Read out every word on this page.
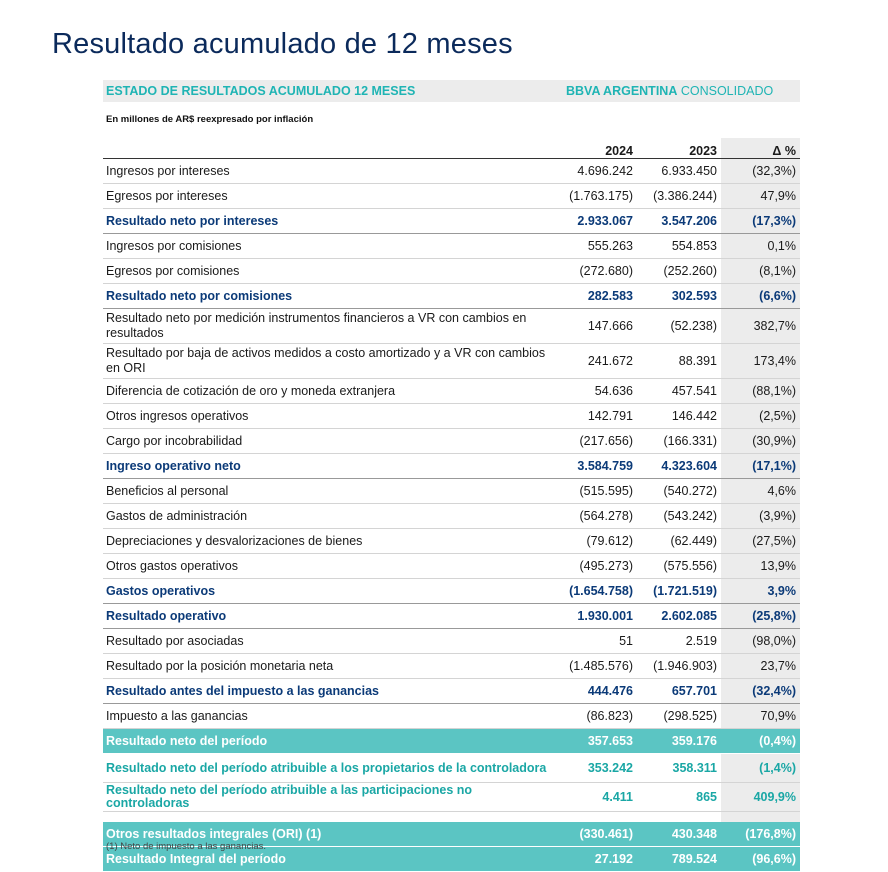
Resultado acumulado de 12 meses
ESTADO DE RESULTADOS ACUMULADO 12 MESES	BBVA ARGENTINA CONSOLIDADO
En millones de AR$ reexpresado por inflación
	2024	2023	Δ %
Ingresos por intereses	4.696.242	6.933.450	(32,3%)
Egresos por intereses	(1.763.175)	(3.386.244)	47,9%
Resultado neto por intereses	2.933.067	3.547.206	(17,3%)
Ingresos por comisiones	555.263	554.853	0,1%
Egresos por comisiones	(272.680)	(252.260)	(8,1%)
Resultado neto por comisiones	282.583	302.593	(6,6%)
Resultado neto por medición instrumentos financieros a VR con cambios en resultados	147.666	(52.238)	382,7%
Resultado por baja de activos medidos a costo amortizado y a VR con cambios en ORI	241.672	88.391	173,4%
Diferencia de cotización de oro y moneda extranjera	54.636	457.541	(88,1%)
Otros ingresos operativos	142.791	146.442	(2,5%)
Cargo por incobrabilidad	(217.656)	(166.331)	(30,9%)
Ingreso operativo neto	3.584.759	4.323.604	(17,1%)
Beneficios al personal	(515.595)	(540.272)	4,6%
Gastos de administración	(564.278)	(543.242)	(3,9%)
Depreciaciones y desvalorizaciones de bienes	(79.612)	(62.449)	(27,5%)
Otros gastos operativos	(495.273)	(575.556)	13,9%
Gastos operativos	(1.654.758)	(1.721.519)	3,9%
Resultado operativo	1.930.001	2.602.085	(25,8%)
Resultado por asociadas	51	2.519	(98,0%)
Resultado por la posición monetaria neta	(1.485.576)	(1.946.903)	23,7%
Resultado antes del impuesto a las ganancias	444.476	657.701	(32,4%)
Impuesto a las ganancias	(86.823)	(298.525)	70,9%
Resultado neto del período	357.653	359.176	(0,4%)
Resultado neto del período atribuible a los propietarios de la controladora	353.242	358.311	(1,4%)
Resultado neto del período atribuible a las participaciones no controladoras	4.411	865	409,9%

Otros resultados integrales (ORI) (1)	(330.461)	430.348	(176,8%)
Resultado Integral del período	27.192	789.524	(96,6%)
(1) Neto de impuesto a las ganancias.
